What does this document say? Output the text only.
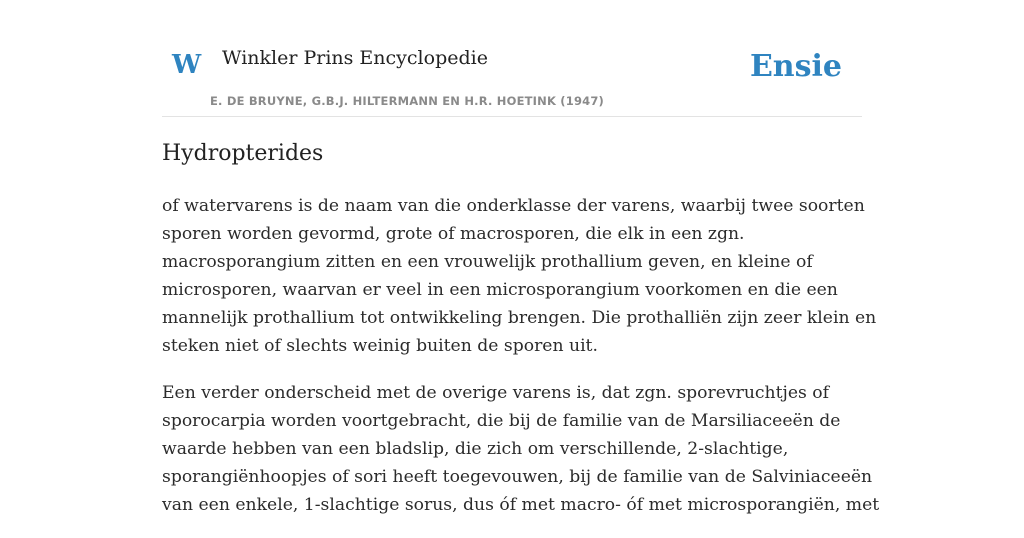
W Winkler Prins Encyclopedie
E. DE BRUYNE, G.B.J. HILTERMANN EN H.R. HOETINK (1947)
Ensie
Hydropterides

of watervarens is de naam van die onderklasse der varens, waarbij twee soorten
sporen worden gevormd, grote of macrosporen, die elk in een zgn.
macrosporangium zitten en een vrouwelijk prothallium geven, en kleine of
microsporen, waarvan er veel in een microsporangium voorkomen en die een
mannelijk prothallium tot ontwikkeling brengen. Die prothalliën zijn zeer klein en
steken niet of slechts weinig buiten de sporen uit.

Een verder onderscheid met de overige varens is, dat zgn. sporevruchtjes of
sporocarpia worden voortgebracht, die bij de familie van de Marsiliaceeën de
waarde hebben van een bladslip, die zich om verschillende, 2-slachtige,
sporangiënhoopjes of sori heeft toegevouwen, bij de familie van de Salviniaceeën
van een enkele, 1-slachtige sorus, dus óf met macro- óf met microsporangiën, met
